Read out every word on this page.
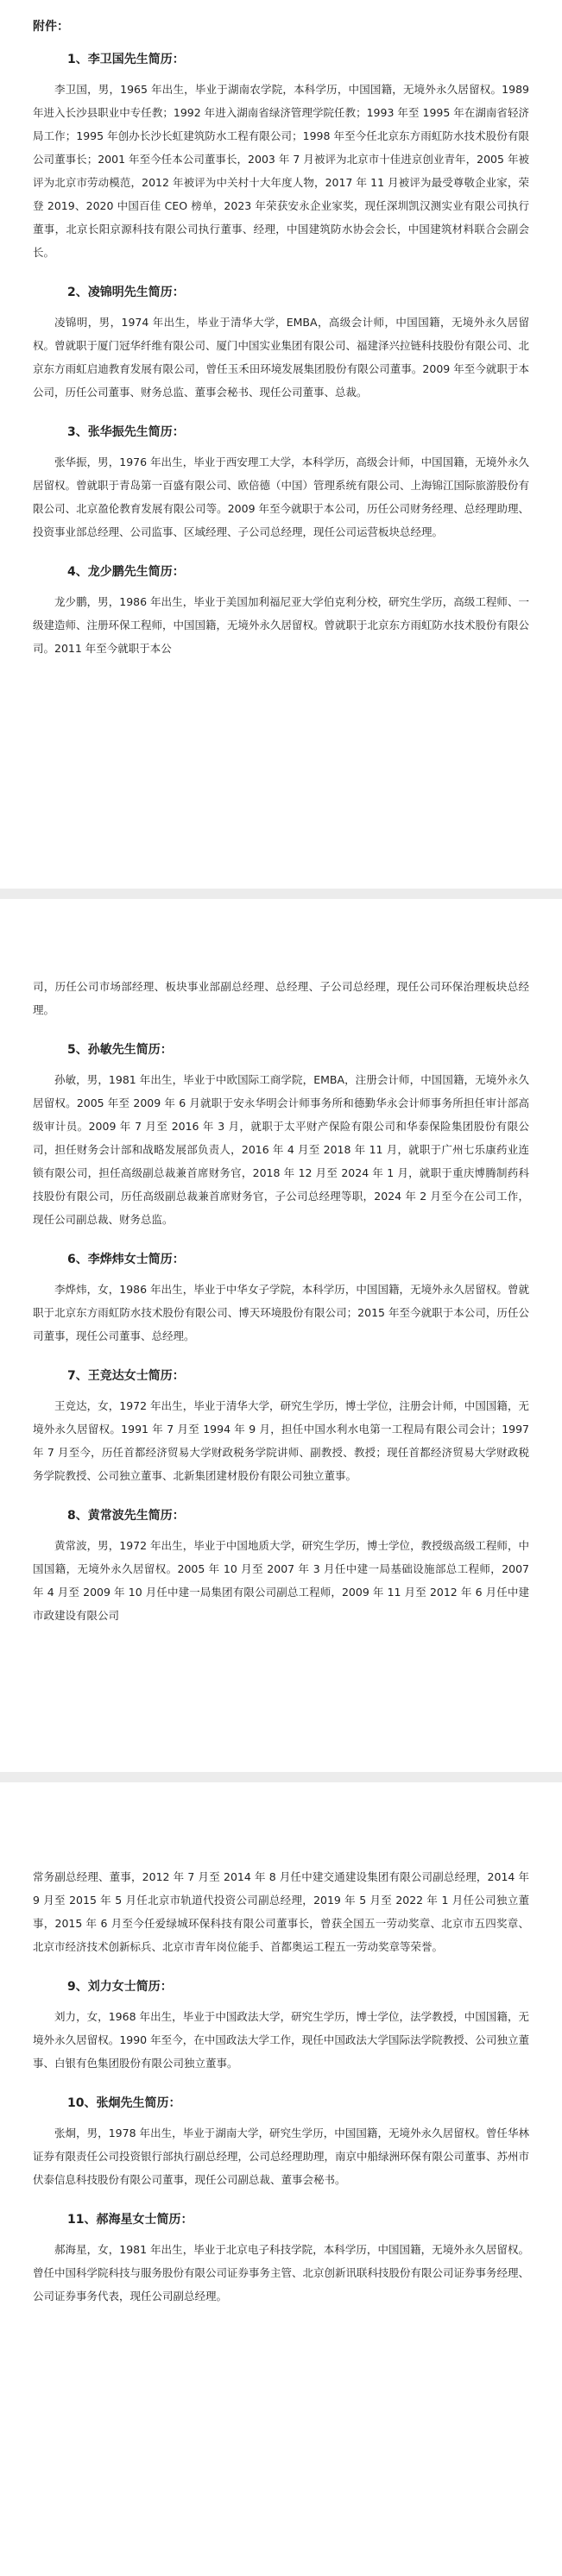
附件：
1、李卫国先生简历：

李卫国，男，1965 年出生，毕业于湖南农学院，本科学历，中国国籍，无境外永久居留权。1989 年进入长沙县职业中专任教；1992 年进入湖南省绿济管理学院任教；1993 年至 1995 年在湖南省轻济局工作；1995 年创办长沙长虹建筑防水工程有限公司；1998 年至今任北京东方雨虹防水技术股份有限公司董事长；2001 年至今任本公司董事长，2003 年 7 月被评为北京市十佳进京创业青年，2005 年被评为北京市劳动模范，2012 年被评为中关村十大年度人物，2017 年 11 月被评为最受尊敬企业家，荣登 2019、2020 中国百佳 CEO 榜单，2023 年荣获安永企业家奖，现任深圳凯汉测实业有限公司执行董事，北京长阳京源科技有限公司执行董事、经理，中国建筑防水协会会长，中国建筑材料联合会副会长。

2、凌锦明先生简历：

凌锦明，男，1974 年出生，毕业于清华大学，EMBA，高级会计师，中国国籍，无境外永久居留权。曾就职于厦门冠华纤维有限公司、厦门中国实业集团有限公司、福建泽兴拉链科技股份有限公司、北京东方雨虹启迪教育发展有限公司，曾任玉禾田环境发展集团股份有限公司董事。2009 年至今就职于本公司，历任公司董事、财务总监、董事会秘书、现任公司董事、总裁。

3、张华振先生简历：

张华振，男，1976 年出生，毕业于西安理工大学，本科学历，高级会计师，中国国籍，无境外永久居留权。曾就职于青岛第一百盛有限公司、欧倍德（中国）管理系统有限公司、上海锦江国际旅游股份有限公司、北京盈伦教育发展有限公司等。2009 年至今就职于本公司，历任公司财务经理、总经理助理、投资事业部总经理、公司监事、区域经理、子公司总经理，现任公司运营板块总经理。

4、龙少鹏先生简历：

龙少鹏，男，1986 年出生，毕业于美国加利福尼亚大学伯克利分校，研究生学历，高级工程师、一级建造师、注册环保工程师，中国国籍，无境外永久居留权。曾就职于北京东方雨虹防水技术股份有限公司。2011 年至今就职于本公

司，历任公司市场部经理、板块事业部副总经理、总经理、子公司总经理，现任公司环保治理板块总经理。

5、孙敏先生简历：

孙敏，男，1981 年出生，毕业于中欧国际工商学院，EMBA，注册会计师，中国国籍，无境外永久居留权。2005 年至 2009 年 6 月就职于安永华明会计师事务所和德勤华永会计师事务所担任审计部高级审计员。2009 年 7 月至 2016 年 3 月，就职于太平财产保险有限公司和华泰保险集团股份有限公司，担任财务会计部和战略发展部负责人，2016 年 4 月至 2018 年 11 月，就职于广州七乐康药业连锁有限公司，担任高级副总裁兼首席财务官，2018 年 12 月至 2024 年 1 月，就职于重庆博腾制药科技股份有限公司，历任高级副总裁兼首席财务官，子公司总经理等职，2024 年 2 月至今在公司工作，现任公司副总裁、财务总监。

6、李烨炜女士简历：

李烨炜，女，1986 年出生，毕业于中华女子学院，本科学历，中国国籍，无境外永久居留权。曾就职于北京东方雨虹防水技术股份有限公司、博天环境股份有限公司；2015 年至今就职于本公司，历任公司董事，现任公司董事、总经理。

7、王竞达女士简历：

王竞达，女，1972 年出生，毕业于清华大学，研究生学历，博士学位，注册会计师，中国国籍，无境外永久居留权。1991 年 7 月至 1994 年 9 月，担任中国水利水电第一工程局有限公司会计；1997 年 7 月至今，历任首都经济贸易大学财政税务学院讲师、副教授、教授；现任首都经济贸易大学财政税务学院教授、公司独立董事、北新集团建材股份有限公司独立董事。

8、黄常波先生简历：

黄常波，男，1972 年出生，毕业于中国地质大学，研究生学历，博士学位，教授级高级工程师，中国国籍，无境外永久居留权。2005 年 10 月至 2007 年 3 月任中建一局基础设施部总工程师，2007 年 4 月至 2009 年 10 月任中建一局集团有限公司副总工程师，2009 年 11 月至 2012 年 6 月任中建市政建设有限公司

常务副总经理、董事，2012 年 7 月至 2014 年 8 月任中建交通建设集团有限公司副总经理，2014 年 9 月至 2015 年 5 月任北京市轨道代投资公司副总经理，2019 年 5 月至 2022 年 1 月任公司独立董事，2015 年 6 月至今任爱绿城环保科技有限公司董事长，曾获全国五一劳动奖章、北京市五四奖章、北京市经济技术创新标兵、北京市青年岗位能手、首都奥运工程五一劳动奖章等荣誉。

9、刘力女士简历：

刘力，女，1968 年出生，毕业于中国政法大学，研究生学历，博士学位，法学教授，中国国籍，无境外永久居留权。1990 年至今，在中国政法大学工作，现任中国政法大学国际法学院教授、公司独立董事、白银有色集团股份有限公司独立董事。

10、张炯先生简历：

张炯，男，1978 年出生，毕业于湖南大学，研究生学历，中国国籍，无境外永久居留权。曾任华林证券有限责任公司投资银行部执行副总经理，公司总经理助理，南京中船绿洲环保有限公司董事、苏州市伏泰信息科技股份有限公司董事，现任公司副总裁、董事会秘书。

11、郝海星女士简历：

郝海星，女，1981 年出生，毕业于北京电子科技学院，本科学历，中国国籍，无境外永久居留权。曾任中国科学院科技与服务股份有限公司证券事务主管、北京创新讯联科技股份有限公司证券事务经理、公司证券事务代表，现任公司副总经理。
